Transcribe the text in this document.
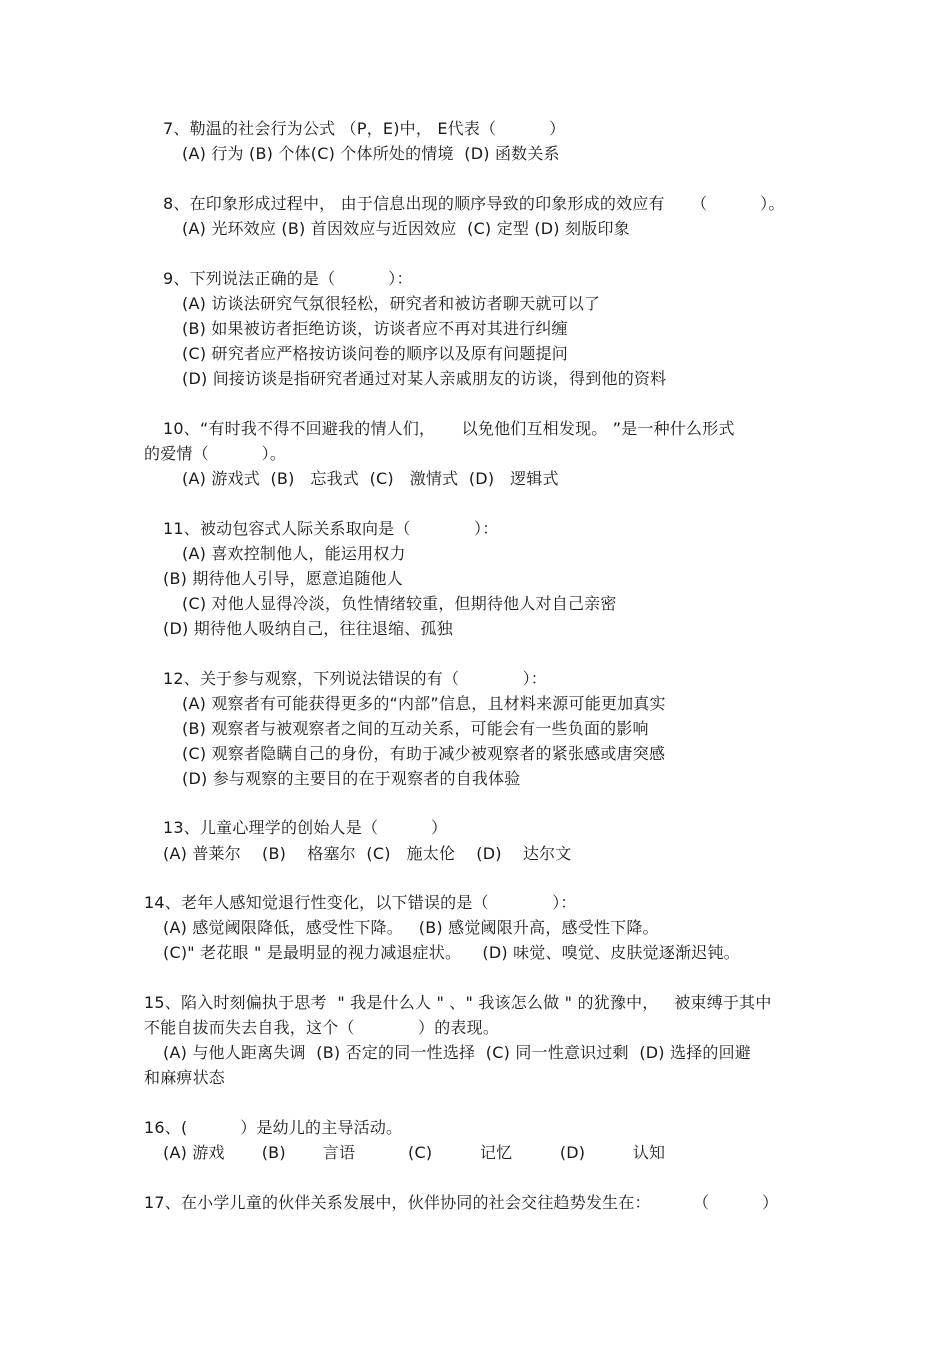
7、勒温的社会行为公式 （P，E)中， E代表（          ）
(A) 行为 (B) 个体(C) 个体所处的情境  (D) 函数关系
8、在印象形成过程中， 由于信息出现的顺序导致的印象形成的效应有     （          ）。
(A) 光环效应 (B) 首因效应与近因效应  (C) 定型 (D) 刻版印象
9、下列说法正确的是（          ）：
(A) 访谈法研究气氛很轻松，研究者和被访者聊天就可以了
(B) 如果被访者拒绝访谈，访谈者应不再对其进行纠缠
(C) 研究者应严格按访谈问卷的顺序以及原有问题提问
(D) 间接访谈是指研究者通过对某人亲戚朋友的访谈，得到他的资料
10、“有时我不得不回避我的情人们，     以免他们互相发现。 ”是一种什么形式
的爱情（          ）。
(A) 游戏式  (B)   忘我式  (C)   激情式  (D)   逻辑式
11、被动包容式人际关系取向是（            ）：
(A) 喜欢控制他人，能运用权力
(B) 期待他人引导，愿意追随他人
(C) 对他人显得冷淡，负性情绪较重，但期待他人对自己亲密
(D) 期待他人吸纳自己，往往退缩、孤独
12、关于参与观察，下列说法错误的有（            ）：
(A) 观察者有可能获得更多的“内部”信息，且材料来源可能更加真实
(B) 观察者与被观察者之间的互动关系，可能会有一些负面的影响
(C) 观察者隐瞒自己的身份，有助于减少被观察者的紧张感或唐突感
(D) 参与观察的主要目的在于观察者的自我体验
13、儿童心理学的创始人是（          ）
(A) 普莱尔    (B)    格塞尔  (C)   施太伦    (D)    达尔文
14、老年人感知觉退行性变化，以下错误的是（            ）：
(A) 感觉阈限降低，感受性下降。   (B) 感觉阈限升高，感受性下降。
(C)" 老花眼 " 是最明显的视力减退症状。    (D) 味觉、嗅觉、皮肤觉逐渐迟钝。
15、陷入时刻偏执于思考  " 我是什么人 " 、" 我该怎么做 " 的犹豫中，   被束缚于其中
不能自拔而失去自我，这个（            ）的表现。
(A) 与他人距离失调  (B) 否定的同一性选择  (C) 同一性意识过剩  (D) 选择的回避
和麻痹状态
16、(          ）是幼儿的主导活动。
(A) 游戏       (B)       言语          (C)         记忆         (D)         认知
17、在小学儿童的伙伴关系发展中，伙伴协同的社会交往趋势发生在：        （          ）
